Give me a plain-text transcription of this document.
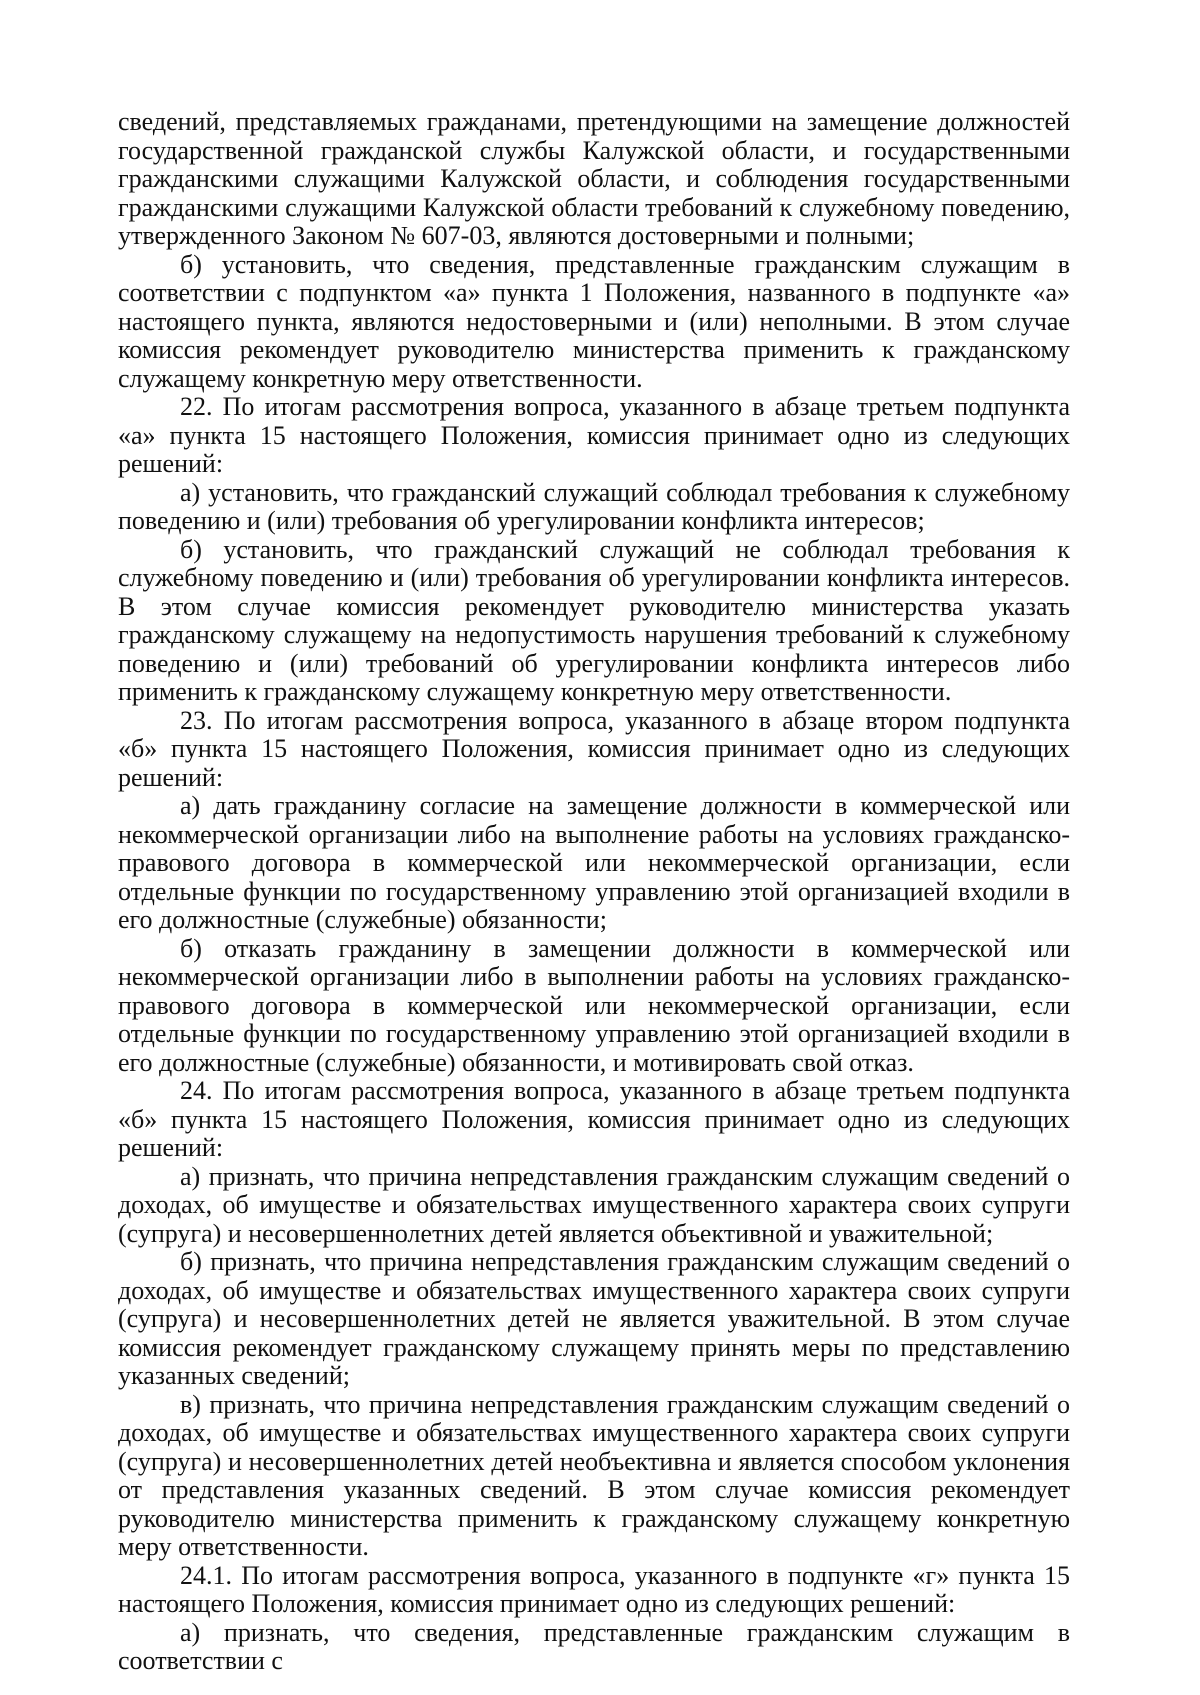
сведений, представляемых гражданами, претендующими на замещение должностей государственной гражданской службы Калужской области, и государственными гражданскими служащими Калужской области, и соблюдения государственными гражданскими служащими Калужской области требований к служебному поведению, утвержденного Законом № 607-03, являются достоверными и полными;

б) установить, что сведения, представленные гражданским служащим в соответствии с подпунктом «а» пункта 1 Положения, названного в подпункте «а» настоящего пункта, являются недостоверными и (или) неполными. В этом случае комиссия рекомендует руководителю министерства применить к гражданскому служащему конкретную меру ответственности.

22. По итогам рассмотрения вопроса, указанного в абзаце третьем подпункта «а» пункта 15 настоящего Положения, комиссия принимает одно из следующих решений:

а) установить, что гражданский служащий соблюдал требования к служебному поведению и (или) требования об урегулировании конфликта интересов;

б) установить, что гражданский служащий не соблюдал требования к служебному поведению и (или) требования об урегулировании конфликта интересов. В этом случае комиссия рекомендует руководителю министерства указать гражданскому служащему на недопустимость нарушения требований к служебному поведению и (или) требований об урегулировании конфликта интересов либо применить к гражданскому служащему конкретную меру ответственности.

23. По итогам рассмотрения вопроса, указанного в абзаце втором подпункта «б» пункта 15 настоящего Положения, комиссия принимает одно из следующих решений:

а) дать гражданину согласие на замещение должности в коммерческой или некоммерческой организации либо на выполнение работы на условиях гражданско-правового договора в коммерческой или некоммерческой организации, если отдельные функции по государственному управлению этой организацией входили в его должностные (служебные) обязанности;

б) отказать гражданину в замещении должности в коммерческой или некоммерческой организации либо в выполнении работы на условиях гражданско-правового договора в коммерческой или некоммерческой организации, если отдельные функции по государственному управлению этой организацией входили в его должностные (служебные) обязанности, и мотивировать свой отказ.

24. По итогам рассмотрения вопроса, указанного в абзаце третьем подпункта «б» пункта 15 настоящего Положения, комиссия принимает одно из следующих решений:

а) признать, что причина непредставления гражданским служащим сведений о доходах, об имуществе и обязательствах имущественного характера своих супруги (супруга) и несовершеннолетних детей является объективной и уважительной;

б) признать, что причина непредставления гражданским служащим сведений о доходах, об имуществе и обязательствах имущественного характера своих супруги (супруга) и несовершеннолетних детей не является уважительной. В этом случае комиссия рекомендует гражданскому служащему принять меры по представлению указанных сведений;

в) признать, что причина непредставления гражданским служащим сведений о доходах, об имуществе и обязательствах имущественного характера своих супруги (супруга) и несовершеннолетних детей необъективна и является способом уклонения от представления указанных сведений. В этом случае комиссия рекомендует руководителю министерства применить к гражданскому служащему конкретную меру ответственности.

24.1. По итогам рассмотрения вопроса, указанного в подпункте «г» пункта 15 настоящего Положения, комиссия принимает одно из следующих решений:

а) признать, что сведения, представленные гражданским служащим в соответствии с
